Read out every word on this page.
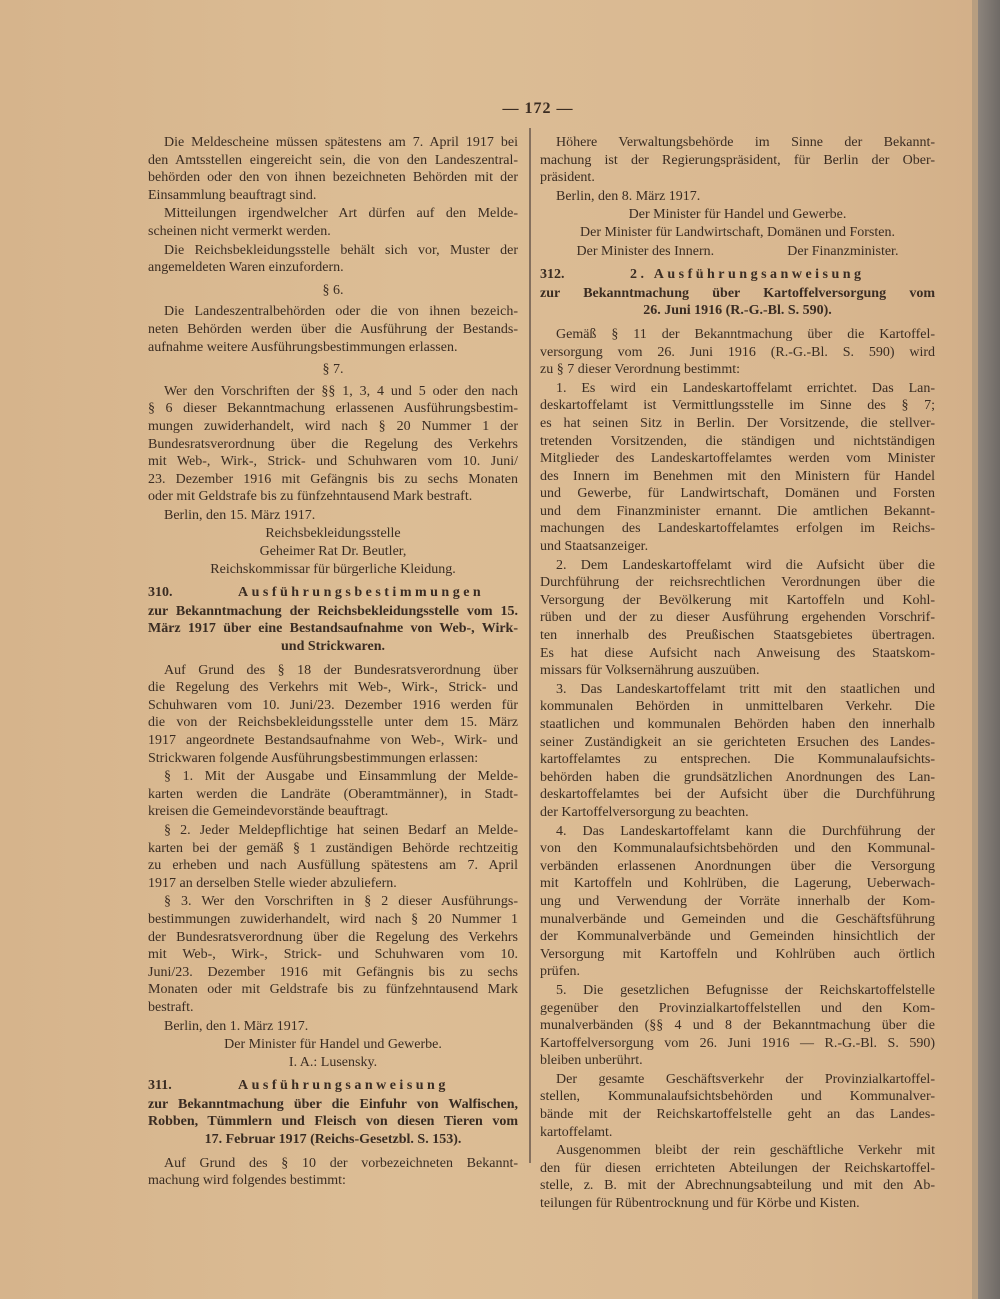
— 172 —
Die Meldescheine müssen spätestens am 7. April 1917 bei
den Amtsstellen eingereicht sein, die von den Landeszentral-
behörden oder den von ihnen bezeichneten Behörden mit der
Einsammlung beauftragt sind.
Mitteilungen irgendwelcher Art dürfen auf den Melde-
scheinen nicht vermerkt werden.
Die Reichsbekleidungsstelle behält sich vor, Muster der
angemeldeten Waren einzufordern.
§ 6.
Die Landeszentralbehörden oder die von ihnen bezeich-
neten Behörden werden über die Ausführung der Bestands-
aufnahme weitere Ausführungsbestimmungen erlassen.
§ 7.
Wer den Vorschriften der §§ 1, 3, 4 und 5 oder den nach
§ 6 dieser Bekanntmachung erlassenen Ausführungsbestim-
mungen zuwiderhandelt, wird nach § 20 Nummer 1 der
Bundesratsverordnung über die Regelung des Verkehrs
mit Web-, Wirk-, Strick- und Schuhwaren vom 10. Juni/
23. Dezember 1916 mit Gefängnis bis zu sechs Monaten
oder mit Geldstrafe bis zu fünfzehntausend Mark bestraft.
Berlin, den 15. März 1917.
Reichsbekleidungsstelle
Geheimer Rat Dr. Beutler,
Reichskommissar für bürgerliche Kleidung.
310.	Ausführungsbestimmungen
zur Bekanntmachung der Reichsbekleidungsstelle vom 15.
März 1917 über eine Bestandsaufnahme von Web-, Wirk-
und Strickwaren.
Auf Grund des § 18 der Bundesratsverordnung über
die Regelung des Verkehrs mit Web-, Wirk-, Strick- und
Schuhwaren vom 10. Juni/23. Dezember 1916 werden für
die von der Reichsbekleidungsstelle unter dem 15. März
1917 angeordnete Bestandsaufnahme von Web-, Wirk- und
Strickwaren folgende Ausführungsbestimmungen erlassen:
§ 1. Mit der Ausgabe und Einsammlung der Melde-
karten werden die Landräte (Oberamtmänner), in Stadt-
kreisen die Gemeindevorstände beauftragt.
§ 2. Jeder Meldepflichtige hat seinen Bedarf an Melde-
karten bei der gemäß § 1 zuständigen Behörde rechtzeitig
zu erheben und nach Ausfüllung spätestens am 7. April
1917 an derselben Stelle wieder abzuliefern.
§ 3. Wer den Vorschriften in § 2 dieser Ausführungs-
bestimmungen zuwiderhandelt, wird nach § 20 Nummer 1
der Bundesratsverordnung über die Regelung des Verkehrs
mit Web-, Wirk-, Strick- und Schuhwaren vom 10.
Juni/23. Dezember 1916 mit Gefängnis bis zu sechs
Monaten oder mit Geldstrafe bis zu fünfzehntausend Mark
bestraft.
Berlin, den 1. März 1917.
Der Minister für Handel und Gewerbe.
I. A.: Lusensky.
311.	Ausführungsanweisung
zur Bekanntmachung über die Einfuhr von Walfischen,
Robben, Tümmlern und Fleisch von diesen Tieren vom
17. Februar 1917 (Reichs-Gesetzbl. S. 153).
Auf Grund des § 10 der vorbezeichneten Bekannt-
machung wird folgendes bestimmt:
Höhere Verwaltungsbehörde im Sinne der Bekannt-
machung ist der Regierungspräsident, für Berlin der Ober-
präsident.
Berlin, den 8. März 1917.
Der Minister für Handel und Gewerbe.
Der Minister für Landwirtschaft, Domänen und Forsten.
Der Minister des Innern.	Der Finanzminister.
312.	2. Ausführungsanweisung
zur Bekanntmachung über Kartoffelversorgung vom
26. Juni 1916 (R.-G.-Bl. S. 590).
Gemäß § 11 der Bekanntmachung über die Kartoffel-
versorgung vom 26. Juni 1916 (R.-G.-Bl. S. 590) wird
zu § 7 dieser Verordnung bestimmt:
1. Es wird ein Landeskartoffelamt errichtet. Das Lan-
deskartoffelamt ist Vermittlungsstelle im Sinne des § 7;
es hat seinen Sitz in Berlin. Der Vorsitzende, die stellver-
tretenden Vorsitzenden, die ständigen und nichtständigen
Mitglieder des Landeskartoffelamtes werden vom Minister
des Innern im Benehmen mit den Ministern für Handel
und Gewerbe, für Landwirtschaft, Domänen und Forsten
und dem Finanzminister ernannt. Die amtlichen Bekannt-
machungen des Landeskartoffelamtes erfolgen im Reichs-
und Staatsanzeiger.
2. Dem Landeskartoffelamt wird die Aufsicht über die
Durchführung der reichsrechtlichen Verordnungen über die
Versorgung der Bevölkerung mit Kartoffeln und Kohl-
rüben und der zu dieser Ausführung ergehenden Vorschrif-
ten innerhalb des Preußischen Staatsgebietes übertragen.
Es hat diese Aufsicht nach Anweisung des Staatskom-
missars für Volksernährung auszuüben.
3. Das Landeskartoffelamt tritt mit den staatlichen und
kommunalen Behörden in unmittelbaren Verkehr. Die
staatlichen und kommunalen Behörden haben den innerhalb
seiner Zuständigkeit an sie gerichteten Ersuchen des Landes-
kartoffelamtes zu entsprechen. Die Kommunalaufsichts-
behörden haben die grundsätzlichen Anordnungen des Lan-
deskartoffelamtes bei der Aufsicht über die Durchführung
der Kartoffelversorgung zu beachten.
4. Das Landeskartoffelamt kann die Durchführung der
von den Kommunalaufsichtsbehörden und den Kommunal-
verbänden erlassenen Anordnungen über die Versorgung
mit Kartoffeln und Kohlrüben, die Lagerung, Ueberwach-
ung und Verwendung der Vorräte innerhalb der Kom-
munalverbände und Gemeinden und die Geschäftsführung
der Kommunalverbände und Gemeinden hinsichtlich der
Versorgung mit Kartoffeln und Kohlrüben auch örtlich
prüfen.
5. Die gesetzlichen Befugnisse der Reichskartoffelstelle
gegenüber den Provinzialkartoffelstellen und den Kom-
munalverbänden (§§ 4 und 8 der Bekanntmachung über die
Kartoffelversorgung vom 26. Juni 1916 — R.-G.-Bl. S. 590)
bleiben unberührt.
Der gesamte Geschäftsverkehr der Provinzialkartoffel-
stellen, Kommunalaufsichtsbehörden und Kommunalver-
bände mit der Reichskartoffelstelle geht an das Landes-
kartoffelamt.
Ausgenommen bleibt der rein geschäftliche Verkehr mit
den für diesen errichteten Abteilungen der Reichskartoffel-
stelle, z. B. mit der Abrechnungsabteilung und mit den Ab-
teilungen für Rübentrocknung und für Körbe und Kisten.
